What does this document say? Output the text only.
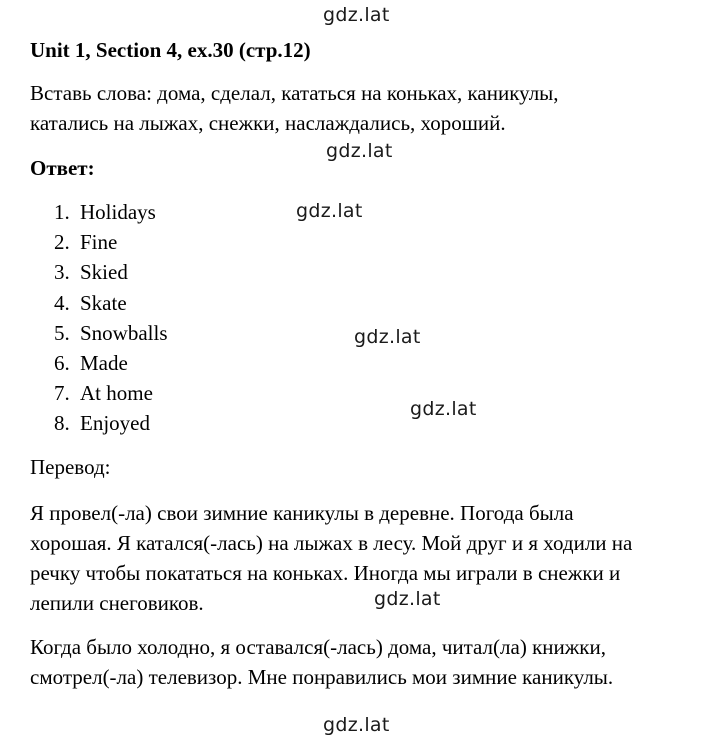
gdz.lat
gdz.lat
gdz.lat
gdz.lat
gdz.lat
gdz.lat
gdz.lat
Unit 1, Section 4, ex.30 (стр.12)
Вставь слова: дома, сделал, кататься на коньках, каникулы,
катались на лыжах, снежки, наслаждались, хороший.
Ответ:
1. Holidays
2. Fine
3. Skied
4. Skate
5. Snowballs
6. Made
7. At home
8. Enjoyed
Перевод:
Я провел(-ла) свои зимние каникулы в деревне. Погода была
хорошая. Я катался(-лась) на лыжах в лесу. Мой друг и я ходили на
речку чтобы покататься на коньках. Иногда мы играли в снежки и
лепили снеговиков.
Когда было холодно, я оставался(-лась) дома, читал(ла) книжки,
смотрел(-ла) телевизор. Мне понравились мои зимние каникулы.
